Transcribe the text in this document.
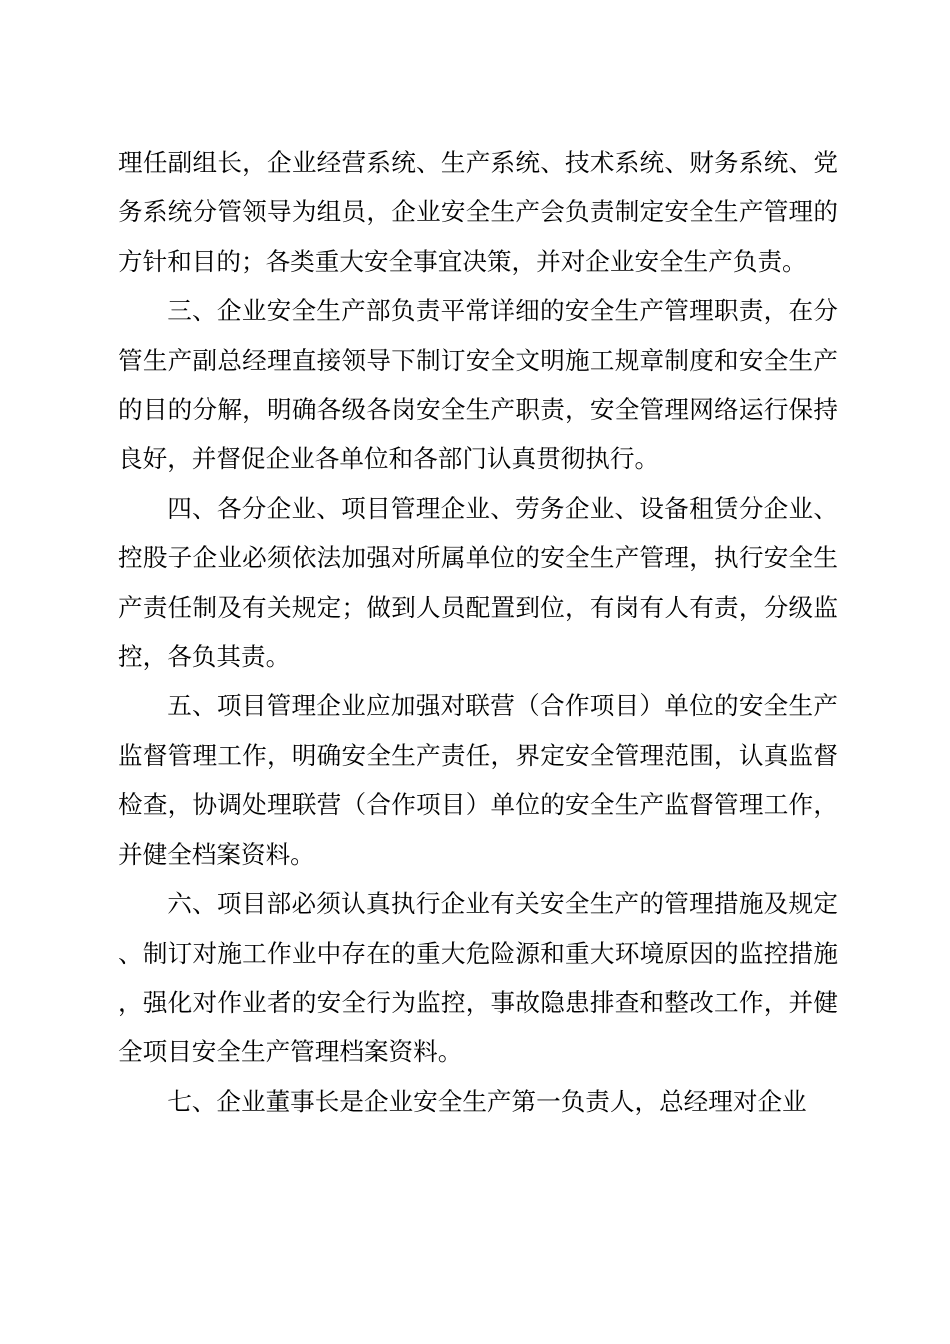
理任副组长，企业经营系统、生产系统、技术系统、财务系统、党务系统分管领导为组员，企业安全生产会负责制定安全生产管理的方针和目的；各类重大安全事宜决策，并对企业安全生产负责。

三、企业安全生产部负责平常详细的安全生产管理职责，在分管生产副总经理直接领导下制订安全文明施工规章制度和安全生产的目的分解，明确各级各岗安全生产职责，安全管理网络运行保持良好，并督促企业各单位和各部门认真贯彻执行。

四、各分企业、项目管理企业、劳务企业、设备租赁分企业、控股子企业必须依法加强对所属单位的安全生产管理，执行安全生产责任制及有关规定；做到人员配置到位，有岗有人有责，分级监控，各负其责。

五、项目管理企业应加强对联营（合作项目）单位的安全生产监督管理工作，明确安全生产责任，界定安全管理范围，认真监督检查，协调处理联营（合作项目）单位的安全生产监督管理工作，并健全档案资料。

六、项目部必须认真执行企业有关安全生产的管理措施及规定、制订对施工作业中存在的重大危险源和重大环境原因的监控措施，强化对作业者的安全行为监控，事故隐患排查和整改工作，并健全项目安全生产管理档案资料。

七、企业董事长是企业安全生产第一负责人，总经理对企业
